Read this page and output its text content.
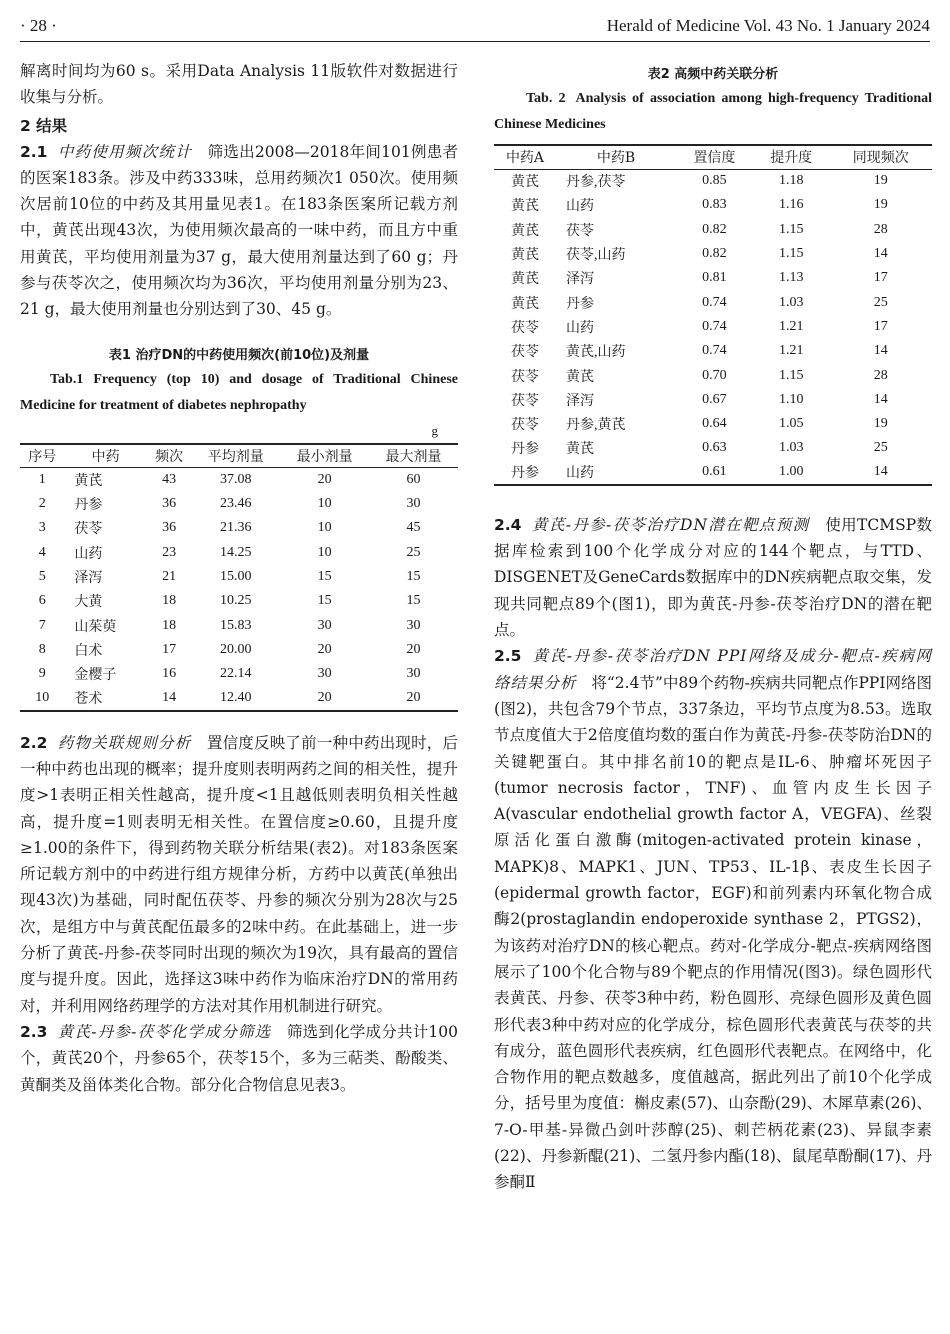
· 28 ·	Herald of Medicine Vol. 43 No. 1 January 2024

解离时间均为60 s。采用Data Analysis 11版软件对数据进行收集与分析。

2 结果

2.1 中药使用频次统计 筛选出2008—2018年间101例患者的医案183条。涉及中药333味，总用药频次1 050次。使用频次居前10位的中药及其用量见表1。在183条医案所记载方剂中，黄芪出现43次，为使用频次最高的一味中药，而且方中重用黄芪，平均使用剂量为37 g，最大使用剂量达到了60 g；丹参与茯苓次之，使用频次均为36次，平均使用剂量分别为23、21 g，最大使用剂量也分别达到了30、45 g。

表1 治疗DN的中药使用频次(前10位)及剂量
Tab.1 Frequency (top 10) and dosage of Traditional Chinese Medicine for treatment of diabetes nephropathy
g
序号	中药	频次	平均剂量	最小剂量	最大剂量
1	黄芪	43	37.08	20	60
2	丹参	36	23.46	10	30
3	茯苓	36	21.36	10	45
4	山药	23	14.25	10	25
5	泽泻	21	15.00	15	15
6	大黄	18	10.25	15	15
7	山茱萸	18	15.83	30	30
8	白术	17	20.00	20	20
9	金樱子	16	22.14	30	30
10	苍术	14	12.40	20	20

2.2 药物关联规则分析 置信度反映了前一种中药出现时，后一种中药也出现的概率；提升度则表明两药之间的相关性，提升度>1表明正相关性越高，提升度<1且越低则表明负相关性越高，提升度=1则表明无相关性。在置信度≥0.60，且提升度≥1.00的条件下，得到药物关联分析结果(表2)。对183条医案所记载方剂中的中药进行组方规律分析，方药中以黄芪(单独出现43次)为基础，同时配伍茯苓、丹参的频次分别为28次与25次，是组方中与黄芪配伍最多的2味中药。在此基础上，进一步分析了黄芪-丹参-茯苓同时出现的频次为19次，具有最高的置信度与提升度。因此，选择这3味中药作为临床治疗DN的常用药对，并利用网络药理学的方法对其作用机制进行研究。

2.3 黄芪-丹参-茯苓化学成分筛选 筛选到化学成分共计100个，黄芪20个，丹参65个，茯苓15个，多为三萜类、酚酸类、黄酮类及甾体类化合物。部分化合物信息见表3。

表2 高频中药关联分析
Tab. 2 Analysis of association among high-frequency Traditional Chinese Medicines
中药A	中药B	置信度	提升度	同现频次
黄芪	丹参,茯苓	0.85	1.18	19
黄芪	山药	0.83	1.16	19
黄芪	茯苓	0.82	1.15	28
黄芪	茯苓,山药	0.82	1.15	14
黄芪	泽泻	0.81	1.13	17
黄芪	丹参	0.74	1.03	25
茯苓	山药	0.74	1.21	17
茯苓	黄芪,山药	0.74	1.21	14
茯苓	黄芪	0.70	1.15	28
茯苓	泽泻	0.67	1.10	14
茯苓	丹参,黄芪	0.64	1.05	19
丹参	黄芪	0.63	1.03	25
丹参	山药	0.61	1.00	14

2.4 黄芪-丹参-茯苓治疗DN潜在靶点预测 使用TCMSP数据库检索到100个化学成分对应的144个靶点，与TTD、DISGENET及GeneCards数据库中的DN疾病靶点取交集，发现共同靶点89个(图1)，即为黄芪-丹参-茯苓治疗DN的潜在靶点。

2.5 黄芪-丹参-茯苓治疗DN PPI网络及成分-靶点-疾病网络结果分析 将“2.4节”中89个药物-疾病共同靶点作PPI网络图(图2)，共包含79个节点，337条边，平均节点度为8.53。选取节点度值大于2倍度值均数的蛋白作为黄芪-丹参-茯苓防治DN的关键靶蛋白。其中排名前10的靶点是IL-6、肿瘤坏死因子(tumor necrosis factor，TNF)、血管内皮生长因子A(vascular endothelial growth factor A，VEGFA)、丝裂原活化蛋白激酶(mitogen-activated protein kinase，MAPK)8、MAPK1、JUN、TP53、IL-1β、表皮生长因子(epidermal growth factor，EGF)和前列素内环氧化物合成酶2(prostaglandin endoperoxide synthase 2，PTGS2)，为该药对治疗DN的核心靶点。药对-化学成分-靶点-疾病网络图展示了100个化合物与89个靶点的作用情况(图3)。绿色圆形代表黄芪、丹参、茯苓3种中药，粉色圆形、亮绿色圆形及黄色圆形代表3种中药对应的化学成分，棕色圆形代表黄芪与茯苓的共有成分，蓝色圆形代表疾病，红色圆形代表靶点。在网络中，化合物作用的靶点数越多，度值越高，据此列出了前10个化学成分，括号里为度值：槲皮素(57)、山奈酚(29)、木犀草素(26)、7-O-甲基-异微凸剑叶莎醇(25)、刺芒柄花素(23)、异鼠李素(22)、丹参新醌(21)、二氢丹参内酯(18)、鼠尾草酚酮(17)、丹参酮Ⅱ
